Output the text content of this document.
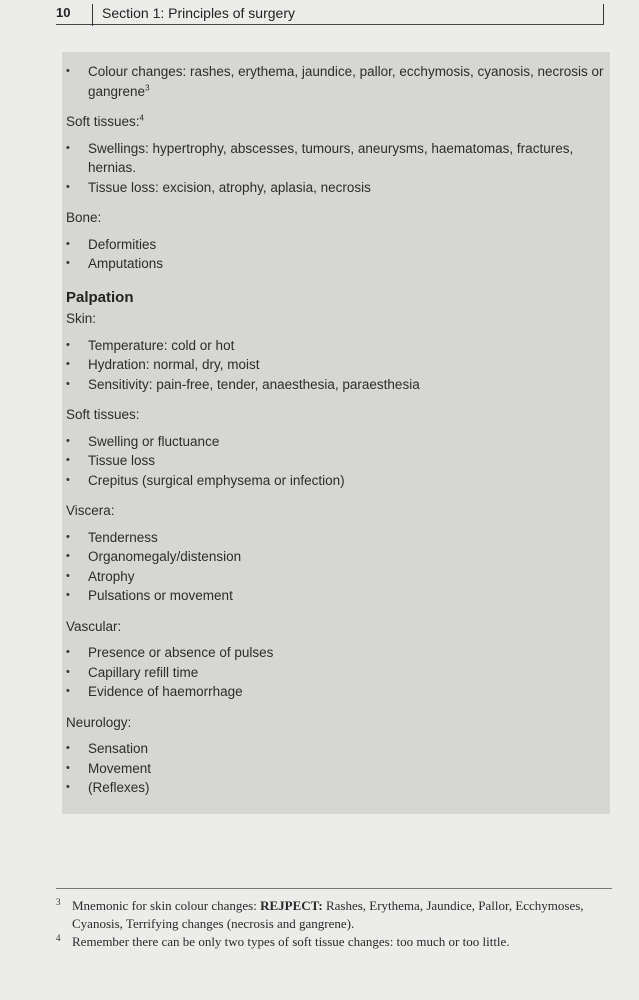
10 Section 1: Principles of surgery
• Colour changes: rashes, erythema, jaundice, pallor, ecchymosis, cyanosis, necrosis or gangrene$^3$
Soft tissues:$^4$
• Swellings: hypertrophy, abscesses, tumours, aneurysms, haematomas, fractures, hernias.
• Tissue loss: excision, atrophy, aplasia, necrosis
Bone:
• Deformities
• Amputations
Palpation
Skin:
• Temperature: cold or hot
• Hydration: normal, dry, moist
• Sensitivity: pain-free, tender, anaesthesia, paraesthesia
Soft tissues:
• Swelling or fluctuance
• Tissue loss
• Crepitus (surgical emphysema or infection)
Viscera:
• Tenderness
• Organomegaly/distension
• Atrophy
• Pulsations or movement
Vascular:
• Presence or absence of pulses
• Capillary refill time
• Evidence of haemorrhage
Neurology:
• Sensation
• Movement
• (Reflexes)
3 Mnemonic for skin colour changes: REJPECT: Rashes, Erythema, Jaundice, Pallor, Ecchymoses, Cyanosis, Terrifying changes (necrosis and gangrene).
4 Remember there can be only two types of soft tissue changes: too much or too little.
